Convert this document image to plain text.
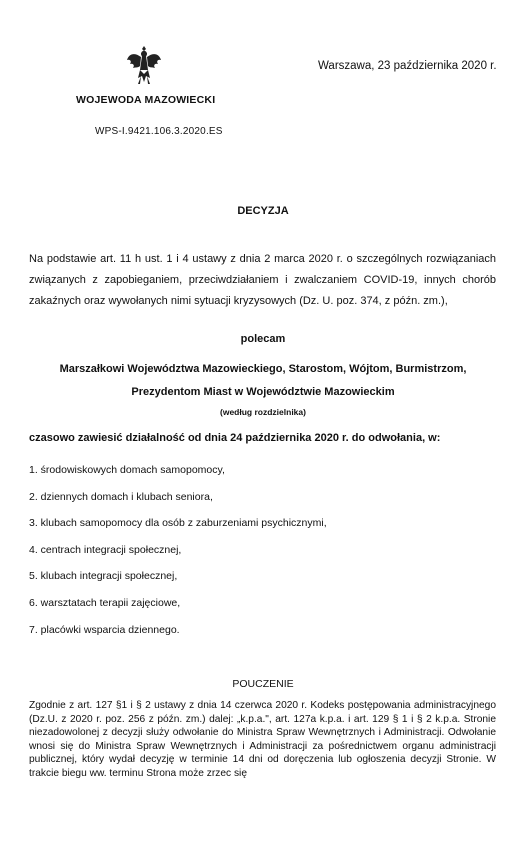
WOJEWODA MAZOWIECKI
Warszawa, 23 października 2020 r.
WPS-I.9421.106.3.2020.ES
DECYZJA
Na podstawie art. 11 h ust. 1 i 4 ustawy z dnia 2 marca 2020 r. o szczególnych rozwiązaniach związanych z zapobieganiem, przeciwdziałaniem i zwalczaniem COVID-19, innych chorób zakaźnych oraz wywołanych nimi sytuacji kryzysowych (Dz. U. poz. 374, z późn. zm.),
polecam
Marszałkowi Województwa Mazowieckiego, Starostom, Wójtom, Burmistrzom,
Prezydentom Miast w Województwie Mazowieckim
(według rozdzielnika)
czasowo zawiesić działalność od dnia 24 października 2020 r. do odwołania, w:
1. środowiskowych domach samopomocy,
2. dziennych domach i klubach seniora,
3. klubach samopomocy dla osób z zaburzeniami psychicznymi,
4. centrach integracji społecznej,
5. klubach integracji społecznej,
6. warsztatach terapii zajęciowe,
7. placówki wsparcia dziennego.
POUCZENIE
Zgodnie z art. 127 §1 i § 2 ustawy z dnia 14 czerwca 2020 r. Kodeks postępowania administracyjnego (Dz.U. z 2020 r. poz. 256 z późn. zm.) dalej: „k.p.a.", art. 127a k.p.a. i art. 129 § 1 i § 2 k.p.a. Stronie niezadowolonej z decyzji służy odwołanie do Ministra Spraw Wewnętrznych i Administracji. Odwołanie wnosi się do Ministra Spraw Wewnętrznych i Administracji za pośrednictwem organu administracji publicznej, który wydał decyzję w terminie 14 dni od doręczenia lub ogłoszenia decyzji Stronie. W trakcie biegu ww. terminu Strona może zrzec się
